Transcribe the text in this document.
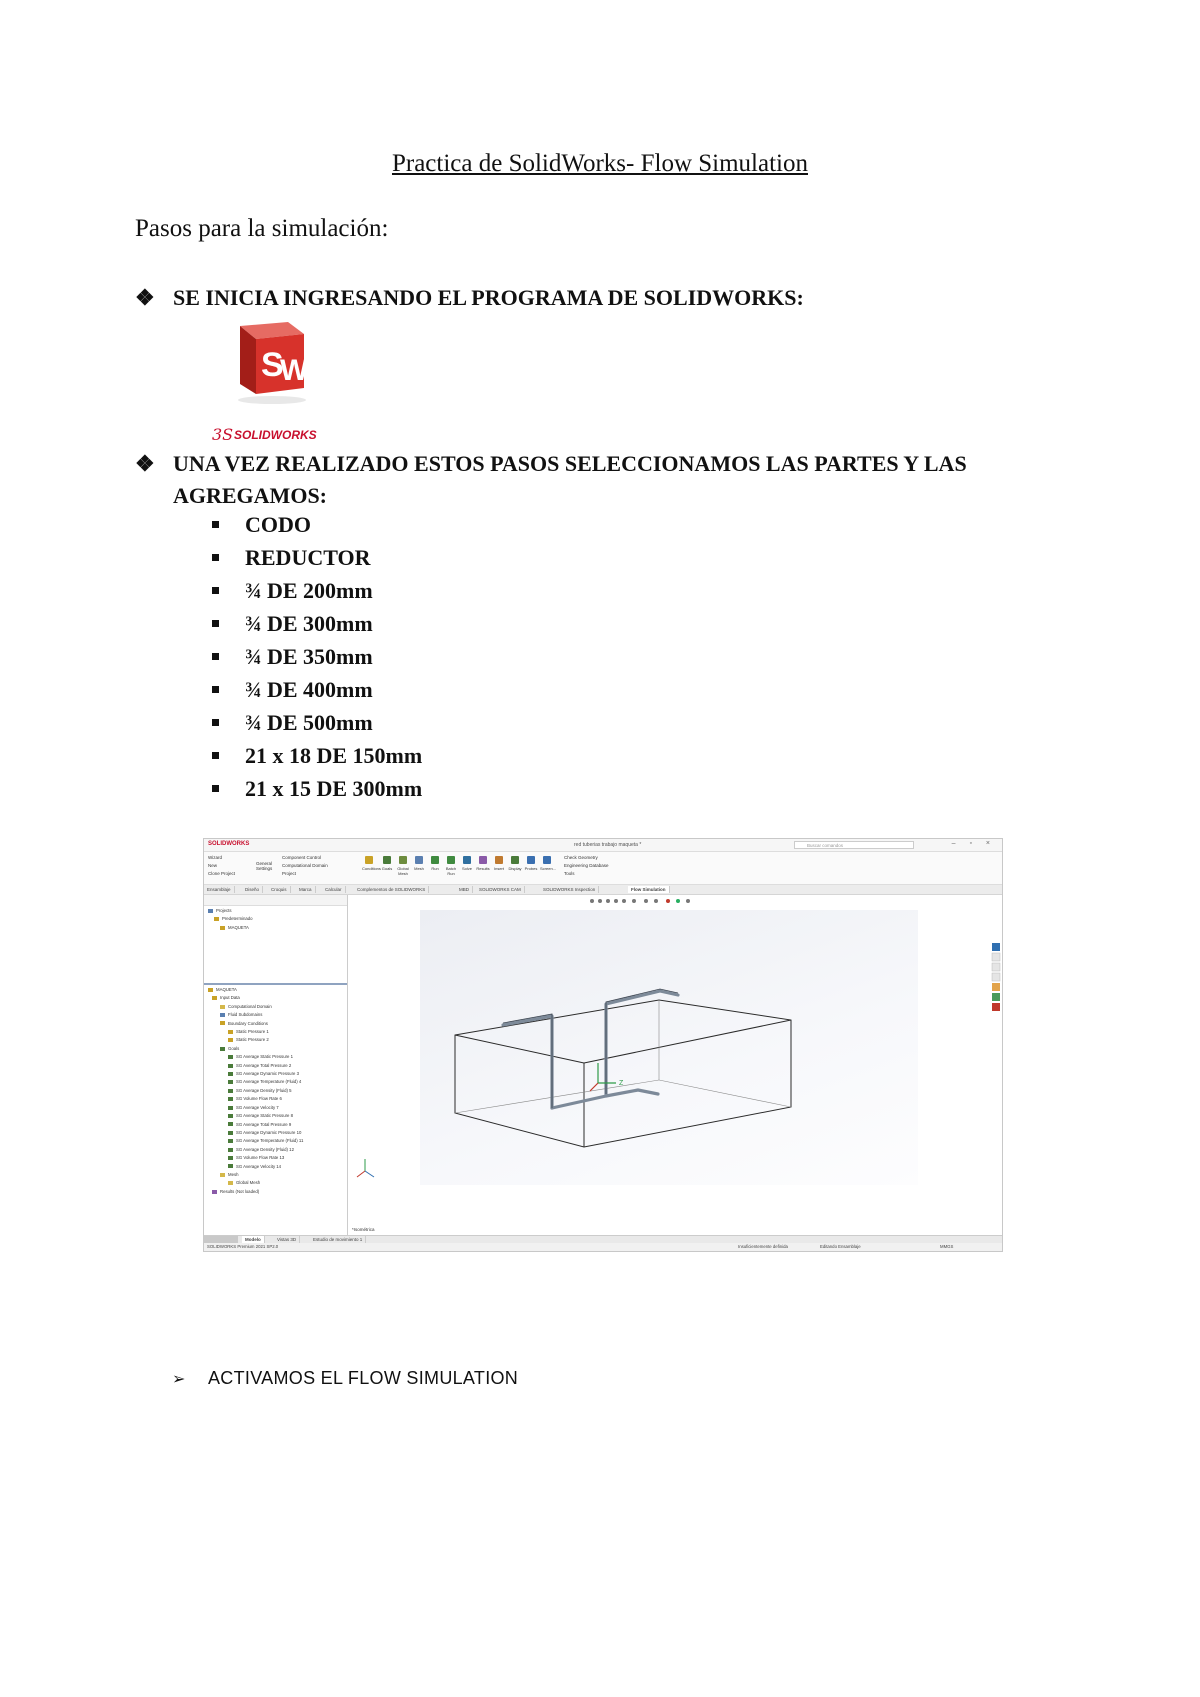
Practica de SolidWorks- Flow Simulation
Pasos para la simulación:
❖ SE INICIA INGRESANDO EL PROGRAMA DE SOLIDWORKS:
S
W
3S SOLIDWORKS
❖ UNA VEZ REALIZADO ESTOS PASOS SELECCIONAMOS LAS PARTES Y LAS AGREGAMOS:
CODO
REDUCTOR
¾ DE 200mm
¾ DE 300mm
¾ DE 350mm
¾ DE 400mm
¾ DE 500mm
21 x 18 DE 150mm
21 x 15 DE 300mm
SOLIDWORKS	red tuberias trabajo maqueta *	Buscar comandos	– ▫ ×
Wizard
New
Clone Project
General Settings
Component Control
Computational Domain
Project
Conditions Goals	Global Mesh
Mesh	Run	Batch Run
Solve	Results	Insert	Display Probes Screen...
Check Geometry
Engineering Database
Tools
Ensamblaje	Diseño	Croquis	Marca	Calcular	Complementos de SOLIDWORKS	MBD	SOLIDWORKS CAM	SOLIDWORKS Inspection	Flow Simulation
Projects
Predeterminado
MAQUETA
MAQUETA
Input Data
Computational Domain
Fluid Subdomains
Boundary Conditions
Static Pressure 1
Static Pressure 2
Goals
SG Average Static Pressure 1
SG Average Total Pressure 2
SG Average Dynamic Pressure 3
SG Average Temperature (Fluid) 4
SG Average Density (Fluid) 5
SG Volume Flow Rate 6
SG Average Velocity 7
SG Average Static Pressure 8
SG Average Total Pressure 9
SG Average Dynamic Pressure 10
SG Average Temperature (Fluid) 11
SG Average Density (Fluid) 12
SG Volume Flow Rate 13
SG Average Velocity 14
Mesh
Global Mesh
Results (Not loaded)
Z
*Isométrica
Modelo	Vistas 3D	Estudio de movimiento 1
SOLIDWORKS Premium 2021 SP2.0	Insuficientemente definida	Editando Ensamblaje	MMGS
➢ ACTIVAMOS EL FLOW SIMULATION
